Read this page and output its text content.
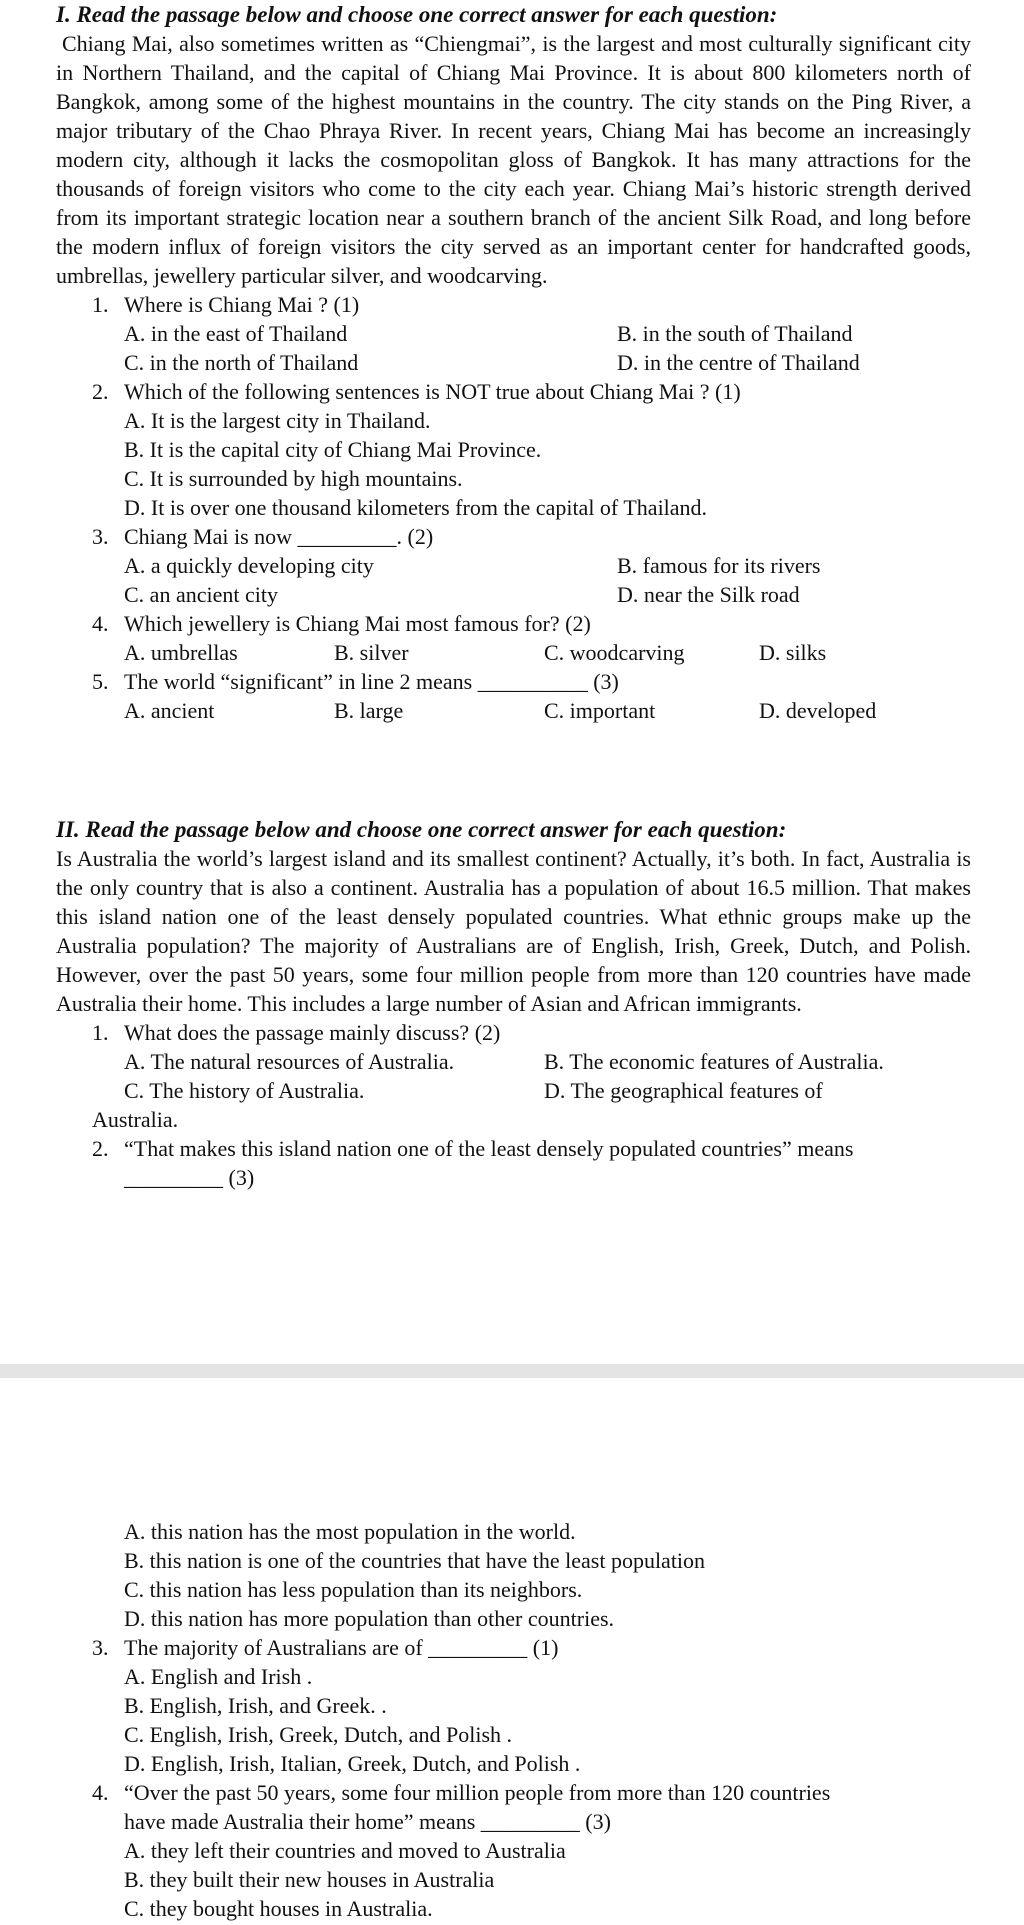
I. Read the passage below and choose one correct answer for each question:

Chiang Mai, also sometimes written as “Chiengmai”, is the largest and most culturally significant city in Northern Thailand, and the capital of Chiang Mai Province. It is about 800 kilometers north of Bangkok, among some of the highest mountains in the country. The city stands on the Ping River, a major tributary of the Chao Phraya River. In recent years, Chiang Mai has become an increasingly modern city, although it lacks the cosmopolitan gloss of Bangkok. It has many attractions for the thousands of foreign visitors who come to the city each year. Chiang Mai’s historic strength derived from its important strategic location near a southern branch of the ancient Silk Road, and long before the modern influx of foreign visitors the city served as an important center for handcrafted goods, umbrellas, jewellery particular silver, and woodcarving.

1. Where is Chiang Mai ? (1)
A. in the east of Thailand	B. in the south of Thailand
C. in the north of Thailand	D. in the centre of Thailand
2. Which of the following sentences is NOT true about Chiang Mai ? (1)
A. It is the largest city in Thailand.
B. It is the capital city of Chiang Mai Province.
C. It is surrounded by high mountains.
D. It is over one thousand kilometers from the capital of Thailand.
3. Chiang Mai is now _________. (2)
A. a quickly developing city	B. famous for its rivers
C. an ancient city	D. near the Silk road
4. Which jewellery is Chiang Mai most famous for? (2)
A. umbrellas	B. silver	C. woodcarving	D. silks
5. The world “significant” in line 2 means __________ (3)
A. ancient	B. large	C. important	D. developed

II. Read the passage below and choose one correct answer for each question:

Is Australia the world’s largest island and its smallest continent? Actually, it’s both. In fact, Australia is the only country that is also a continent. Australia has a population of about 16.5 million. That makes this island nation one of the least densely populated countries. What ethnic groups make up the Australia population? The majority of Australians are of English, Irish, Greek, Dutch, and Polish. However, over the past 50 years, some four million people from more than 120 countries have made Australia their home. This includes a large number of Asian and African immigrants.

1. What does the passage mainly discuss? (2)
A. The natural resources of Australia.	B. The economic features of Australia.
C. The history of Australia.	D. The geographical features of
Australia.
2. “That makes this island nation one of the least densely populated countries” means
_________ (3)
A. this nation has the most population in the world.
B. this nation is one of the countries that have the least population
C. this nation has less population than its neighbors.
D. this nation has more population than other countries.
3. The majority of Australians are of _________ (1)
A. English and Irish .
B. English, Irish, and Greek. .
C. English, Irish, Greek, Dutch, and Polish .
D. English, Irish, Italian, Greek, Dutch, and Polish .
4. “Over the past 50 years, some four million people from more than 120 countries
have made Australia their home” means _________ (3)
A. they left their countries and moved to Australia
B. they built their new houses in Australia
C. they bought houses in Australia.
